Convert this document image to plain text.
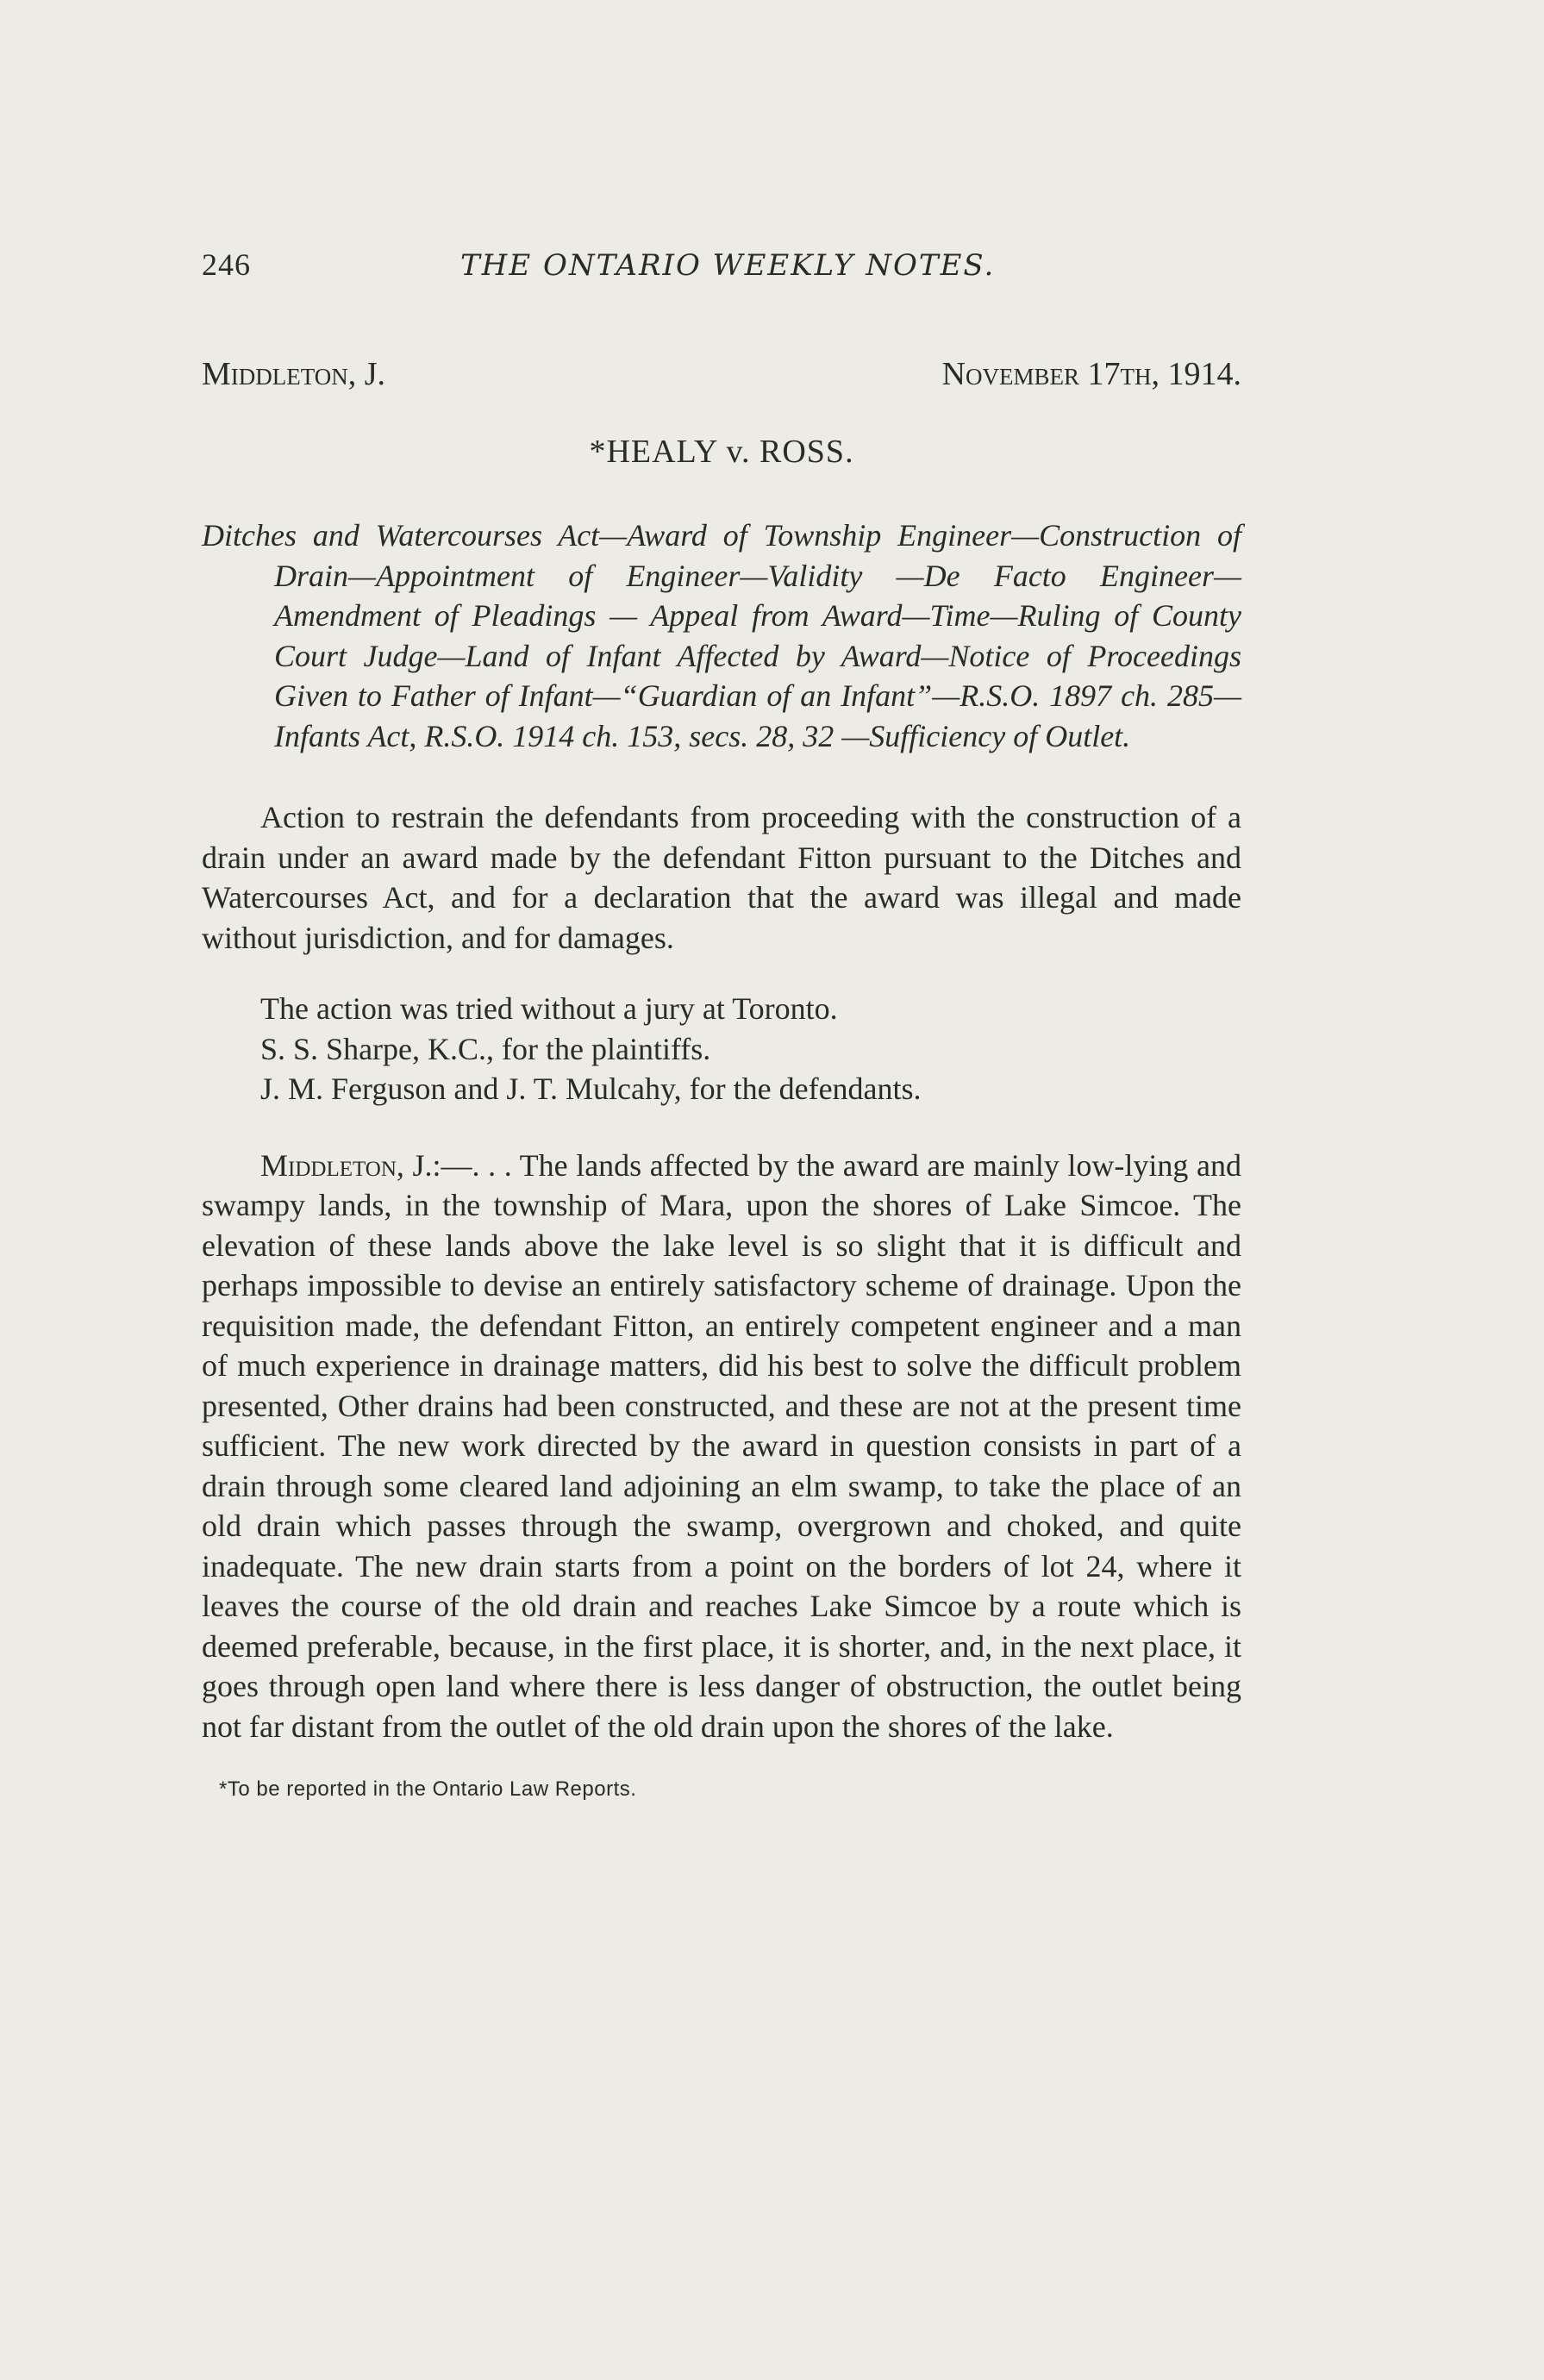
246	THE ONTARIO WEEKLY NOTES.
Middleton, J.	November 17th, 1914.
*HEALY v. ROSS.

Ditches and Watercourses Act—Award of Township Engineer—Construction of Drain—Appointment of Engineer—Validity —De Facto Engineer—Amendment of Pleadings — Appeal from Award—Time—Ruling of County Court Judge—Land of Infant Affected by Award—Notice of Proceedings Given to Father of Infant—“Guardian of an Infant”—R.S.O. 1897 ch. 285—Infants Act, R.S.O. 1914 ch. 153, secs. 28, 32 —Sufficiency of Outlet.

Action to restrain the defendants from proceeding with the construction of a drain under an award made by the defendant Fitton pursuant to the Ditches and Watercourses Act, and for a declaration that the award was illegal and made without jurisdiction, and for damages.

The action was tried without a jury at Toronto.

S. S. Sharpe, K.C., for the plaintiffs.

J. M. Ferguson and J. T. Mulcahy, for the defendants.

Middleton, J.:—. . . The lands affected by the award are mainly low-lying and swampy lands, in the township of Mara, upon the shores of Lake Simcoe. The elevation of these lands above the lake level is so slight that it is difficult and perhaps impossible to devise an entirely satisfactory scheme of drainage. Upon the requisition made, the defendant Fitton, an entirely competent engineer and a man of much experience in drainage matters, did his best to solve the difficult problem presented, Other drains had been constructed, and these are not at the present time sufficient. The new work directed by the award in question consists in part of a drain through some cleared land adjoining an elm swamp, to take the place of an old drain which passes through the swamp, overgrown and choked, and quite inadequate. The new drain starts from a point on the borders of lot 24, where it leaves the course of the old drain and reaches Lake Simcoe by a route which is deemed preferable, because, in the first place, it is shorter, and, in the next place, it goes through open land where there is less danger of obstruction, the outlet being not far distant from the outlet of the old drain upon the shores of the lake.

*To be reported in the Ontario Law Reports.
